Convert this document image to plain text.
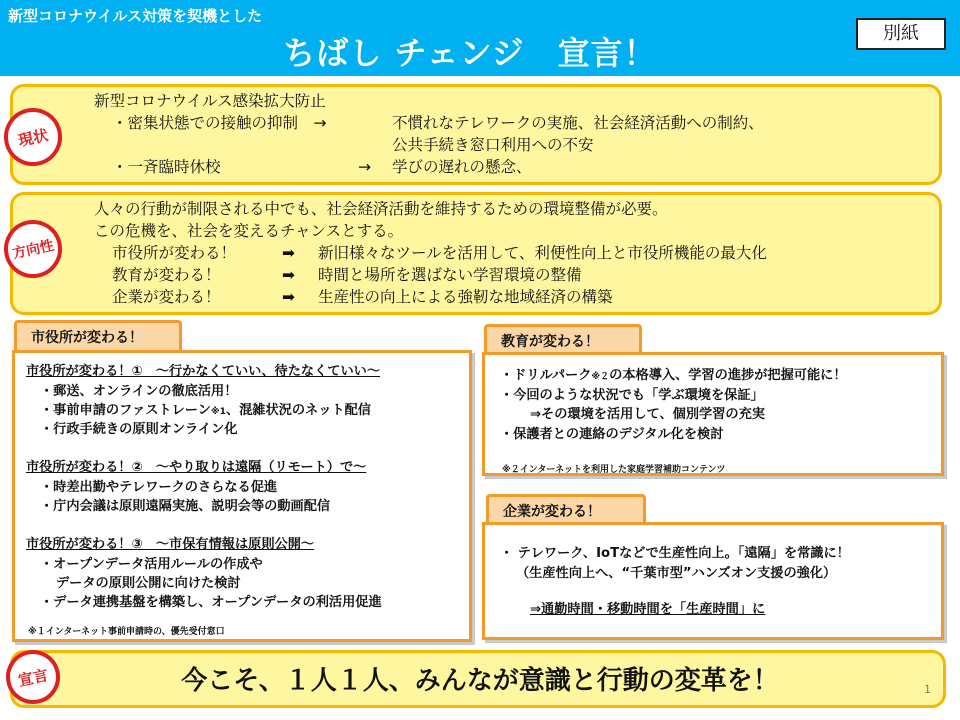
新型コロナウイルス対策を契機とした
ちばし チェンジ　宣言！
別紙
現状
新型コロナウイルス感染拡大防止
・密集状態での接触の抑制　→	不慣れなテレワークの実施、社会経済活動への制約、
公共手続き窓口利用への不安
・一斉臨時休校	→ 学びの遅れの懸念、
方向性
人々の行動が制限される中でも、社会経済活動を維持するための環境整備が必要。
この危機を、社会を変えるチャンスとする。
市役所が変わる！	➡ 新旧様々なツールを活用して、利便性向上と市役所機能の最大化
教育が変わる！	➡ 時間と場所を選ばない学習環境の整備
企業が変わる！	➡ 生産性の向上による強靭な地域経済の構築
市役所が変わる！
市役所が変わる！①　～行かなくていい、待たなくていい～
・郵送、オンラインの徹底活用！
・事前申請のファストレーン※1、混雑状況のネット配信
・行政手続きの原則オンライン化
市役所が変わる！②　～やり取りは遠隔（リモート）で～
・時差出勤やテレワークのさらなる促進
・庁内会議は原則遠隔実施、説明会等の動画配信
市役所が変わる！③　～市保有情報は原則公開～
・オープンデータ活用ルールの作成や
データの原則公開に向けた検討
・データ連携基盤を構築し、オープンデータの利活用促進
※１インターネット事前申請時の、優先受付窓口
教育が変わる！
・ドリルパーク※２の本格導入、学習の進捗が把握可能に！
・今回のような状況でも「学ぶ環境を保証」
⇒その環境を活用して、個別学習の充実
・保護者との連絡のデジタル化を検討
※２インターネットを利用した家庭学習補助コンテンツ
企業が変わる！
・ テレワーク、IoTなどで生産性向上。「遠隔」を常識に！
（生産性向上へ、“千葉市型”ハンズオン支援の強化）
⇒通勤時間・移動時間を「生産時間」に
宣言	今こそ、１人１人、みんなが意識と行動の変革を！	1
